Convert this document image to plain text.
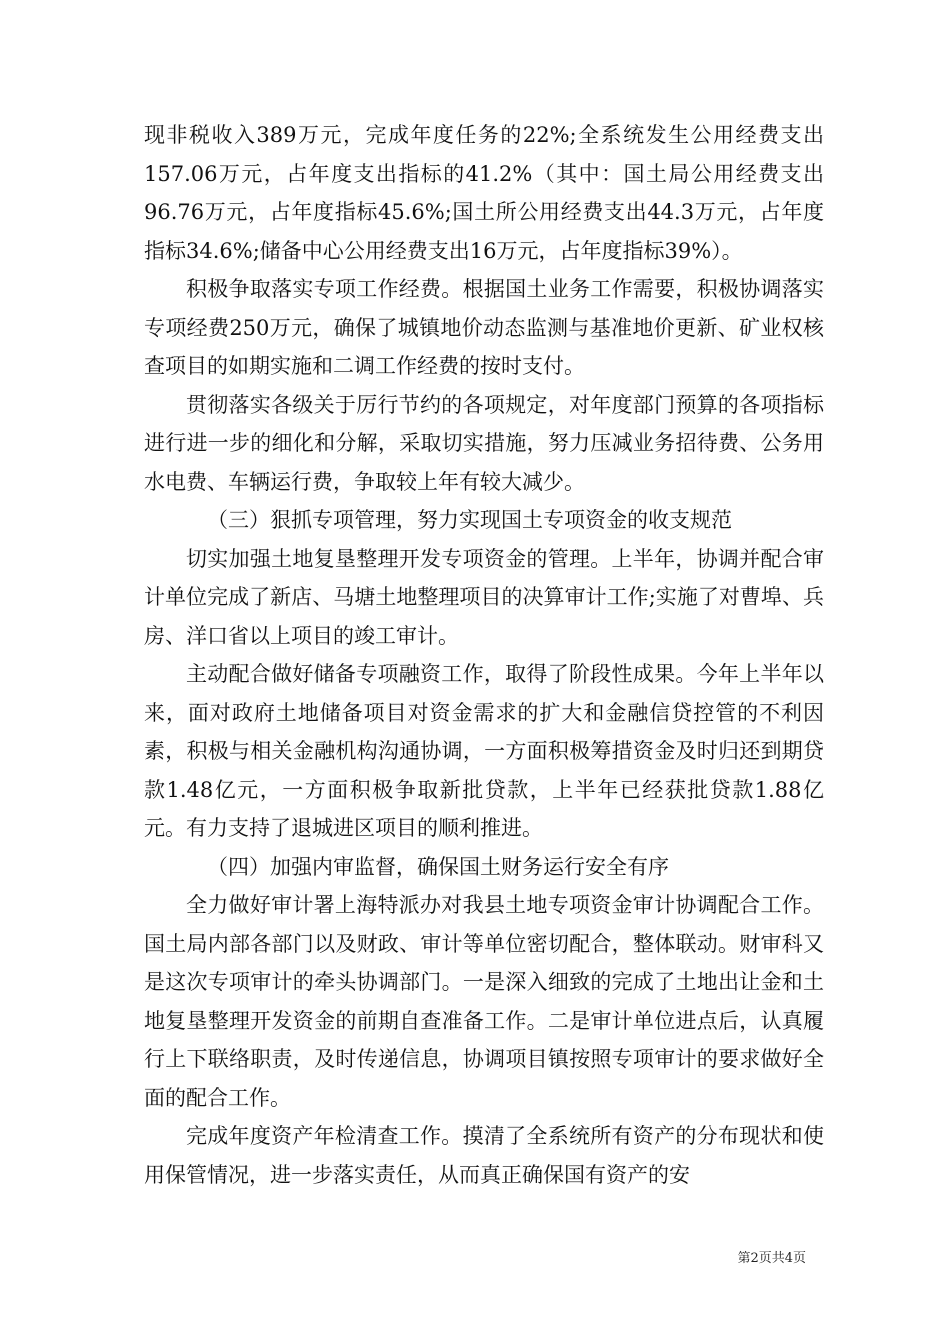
现非税收入389万元，完成年度任务的22%;全系统发生公用经费支出157.06万元，占年度支出指标的41.2%（其中：国土局公用经费支出96.76万元，占年度指标45.6%;国土所公用经费支出44.3万元，占年度指标34.6%;储备中心公用经费支出16万元，占年度指标39%）。

积极争取落实专项工作经费。根据国土业务工作需要，积极协调落实专项经费250万元，确保了城镇地价动态监测与基准地价更新、矿业权核查项目的如期实施和二调工作经费的按时支付。

贯彻落实各级关于厉行节约的各项规定，对年度部门预算的各项指标进行进一步的细化和分解，采取切实措施，努力压减业务招待费、公务用水电费、车辆运行费，争取较上年有较大减少。

（三）狠抓专项管理，努力实现国土专项资金的收支规范

切实加强土地复垦整理开发专项资金的管理。上半年，协调并配合审计单位完成了新店、马塘土地整理项目的决算审计工作;实施了对曹埠、兵房、洋口省以上项目的竣工审计。

主动配合做好储备专项融资工作，取得了阶段性成果。今年上半年以来，面对政府土地储备项目对资金需求的扩大和金融信贷控管的不利因素，积极与相关金融机构沟通协调，一方面积极筹措资金及时归还到期贷款1.48亿元，一方面积极争取新批贷款，上半年已经获批贷款1.88亿元。有力支持了退城进区项目的顺利推进。

（四）加强内审监督，确保国土财务运行安全有序

全力做好审计署上海特派办对我县土地专项资金审计协调配合工作。国土局内部各部门以及财政、审计等单位密切配合，整体联动。财审科又是这次专项审计的牵头协调部门。一是深入细致的完成了土地出让金和土地复垦整理开发资金的前期自查准备工作。二是审计单位进点后，认真履行上下联络职责，及时传递信息，协调项目镇按照专项审计的要求做好全面的配合工作。

完成年度资产年检清查工作。摸清了全系统所有资产的分布现状和使用保管情况，进一步落实责任，从而真正确保国有资产的安

第2页共4页
